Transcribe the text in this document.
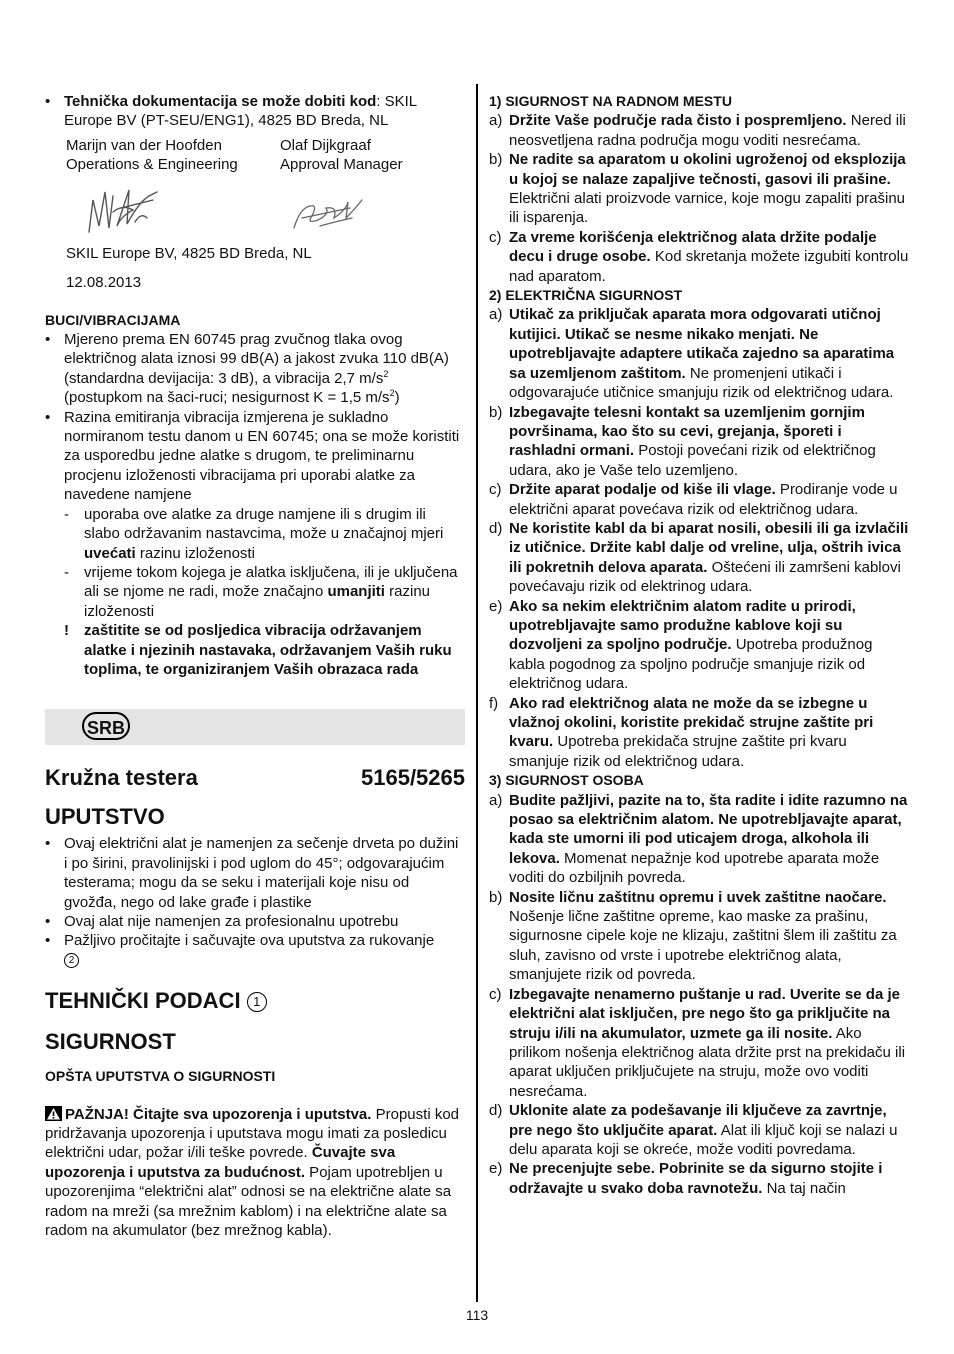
• Tehnička dokumentacija se može dobiti kod: SKIL Europe BV (PT-SEU/ENG1), 4825 BD Breda, NL
Marijn van der Hoofden
Operations & Engineering
Olaf Dijkgraaf
Approval Manager
SKIL Europe BV, 4825 BD Breda, NL
12.08.2013
BUCI/VIBRACIJAMA
• Mjereno prema EN 60745 prag zvučnog tlaka ovog električnog alata iznosi 99 dB(A) a jakost zvuka 110 dB(A) (standardna devijacija: 3 dB), a vibracija 2,7 $m/s^2$ (postupkom na šaci-ruci; nesigurnost K = 1,5 $m/s^2$)
• Razina emitiranja vibracija izmjerena je sukladno normiranom testu danom u EN 60745; ona se može koristiti za usporedbu jedne alatke s drugom, te preliminarnu procjenu izloženosti vibracijama pri uporabi alatke za navedene namjene
- uporaba ove alatke za druge namjene ili s drugim ili slabo održavanim nastavcima, može u značajnoj mjeri uvećati razinu izloženosti
- vrijeme tokom kojega je alatka isključena, ili je uključena ali se njome ne radi, može značajno umanjiti razinu izloženosti
! zaštitite se od posljedica vibracija održavanjem alatke i njezinih nastavaka, održavanjem Vaših ruku toplima, te organiziranjem Vaših obrazaca rada
SRB
Kružna testera	5165/5265
UPUTSTVO
• Ovaj električni alat je namenjen za sečenje drveta po dužini i po širini, pravolinijski i pod uglom do 45°; odgovarajućim testerama; mogu da se seku i materijali koje nisu od gvožđa, nego od lake građe i plastike
• Ovaj alat nije namenjen za profesionalnu upotrebu
• Pažljivo pročitajte i sačuvajte ova uputstva za rukovanje
2
TEHNIČKI PODACI 1
SIGURNOST
OPŠTA UPUTSTVA O SIGURNOSTI
PAŽNJA! Čitajte sva upozorenja i uputstva. Propusti kod pridržavanja upozorenja i uputstava mogu imati za posledicu električni udar, požar i/ili teške povrede. Čuvajte sva upozorenja i uputstva za budućnost. Pojam upotrebljen u upozorenjima “električni alat” odnosi se na električne alate sa radom na mreži (sa mrežnim kablom) i na električne alate sa radom na akumulator (bez mrežnog kabla).
1) SIGURNOST NA RADNOM MESTU
a) Držite Vaše područje rada čisto i pospremljeno. Nered ili neosvetljena radna područja mogu voditi nesrećama.
b) Ne radite sa aparatom u okolini ugroženoj od eksplozija u kojoj se nalaze zapaljive tečnosti, gasovi ili prašine. Električni alati proizvode varnice, koje mogu zapaliti prašinu ili isparenja.
c) Za vreme korišćenja električnog alata držite podalje decu i druge osobe. Kod skretanja možete izgubiti kontrolu nad aparatom.
2) ELEKTRIČNA SIGURNOST
a) Utikač za priključak aparata mora odgovarati utičnoj kutijici. Utikač se nesme nikako menjati. Ne upotrebljavajte adaptere utikača zajedno sa aparatima sa uzemljenom zaštitom. Ne promenjeni utikači i odgovarajuće utičnice smanjuju rizik od električnog udara.
b) Izbegavajte telesni kontakt sa uzemljenim gornjim površinama, kao što su cevi, grejanja, šporeti i rashladni ormani. Postoji povećani rizik od električnog udara, ako je Vaše telo uzemljeno.
c) Držite aparat podalje od kiše ili vlage. Prodiranje vode u električni aparat povećava rizik od električnog udara.
d) Ne koristite kabl da bi aparat nosili, obesili ili ga izvlačili iz utičnice. Držite kabl dalje od vreline, ulja, oštrih ivica ili pokretnih delova aparata. Oštećeni ili zamršeni kablovi povećavaju rizik od elektrinog udara.
e) Ako sa nekim električnim alatom radite u prirodi, upotrebljavajte samo produžne kablove koji su dozvoljeni za spoljno područje. Upotreba produžnog kabla pogodnog za spoljno područje smanjuje rizik od električnog udara.
f) Ako rad električnog alata ne može da se izbegne u vlažnoj okolini, koristite prekidač strujne zaštite pri kvaru. Upotreba prekidača strujne zaštite pri kvaru smanjuje rizik od električnog udara.
3) SIGURNOST OSOBA
a) Budite pažljivi, pazite na to, šta radite i idite razumno na posao sa električnim alatom. Ne upotrebljavajte aparat, kada ste umorni ili pod uticajem droga, alkohola ili lekova. Momenat nepažnje kod upotrebe aparata može voditi do ozbiljnih povreda.
b) Nosite ličnu zaštitnu opremu i uvek zaštitne naočare. Nošenje lične zaštitne opreme, kao maske za prašinu, sigurnosne cipele koje ne klizaju, zaštitni šlem ili zaštitu za sluh, zavisno od vrste i upotrebe električnog alata, smanjujete rizik od povreda.
c) Izbegavajte nenamerno puštanje u rad. Uverite se da je električni alat isključen, pre nego što ga priključite na struju i/ili na akumulator, uzmete ga ili nosite. Ako prilikom nošenja električnog alata držite prst na prekidaču ili aparat uključen priključujete na struju, može ovo voditi nesrećama.
d) Uklonite alate za podešavanje ili ključeve za zavrtnje, pre nego što uključite aparat. Alat ili ključ koji se nalazi u delu aparata koji se okreće, može voditi povredama.
e) Ne precenjujte sebe. Pobrinite se da sigurno stojite i održavajte u svako doba ravnotežu. Na taj način
113
